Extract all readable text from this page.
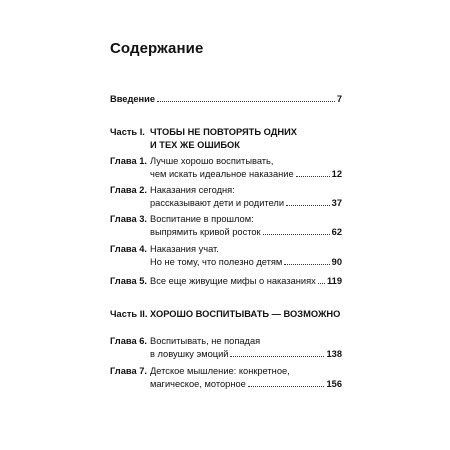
Содержание
Введение	7
Часть I. ЧТОБЫ НЕ ПОВТОРЯТЬ ОДНИХ
И ТЕХ ЖЕ ОШИБОК
Глава 1. Лучше хорошо воспитывать,
чем искать идеальное наказание	12
Глава 2. Наказания сегодня:
рассказывают дети и родители	37
Глава 3. Воспитание в прошлом:
выпрямить кривой росток	62
Глава 4. Наказания учат.
Но не тому, что полезно детям	90
Глава 5. Все еще живущие мифы о наказаниях 119
Часть II. ХОРОШО ВОСПИТЫВАТЬ — ВОЗМОЖНО
Глава 6. Воспитывать, не попадая
в ловушку эмоций	138
Глава 7. Детское мышление: конкретное,
магическое, моторное	156
